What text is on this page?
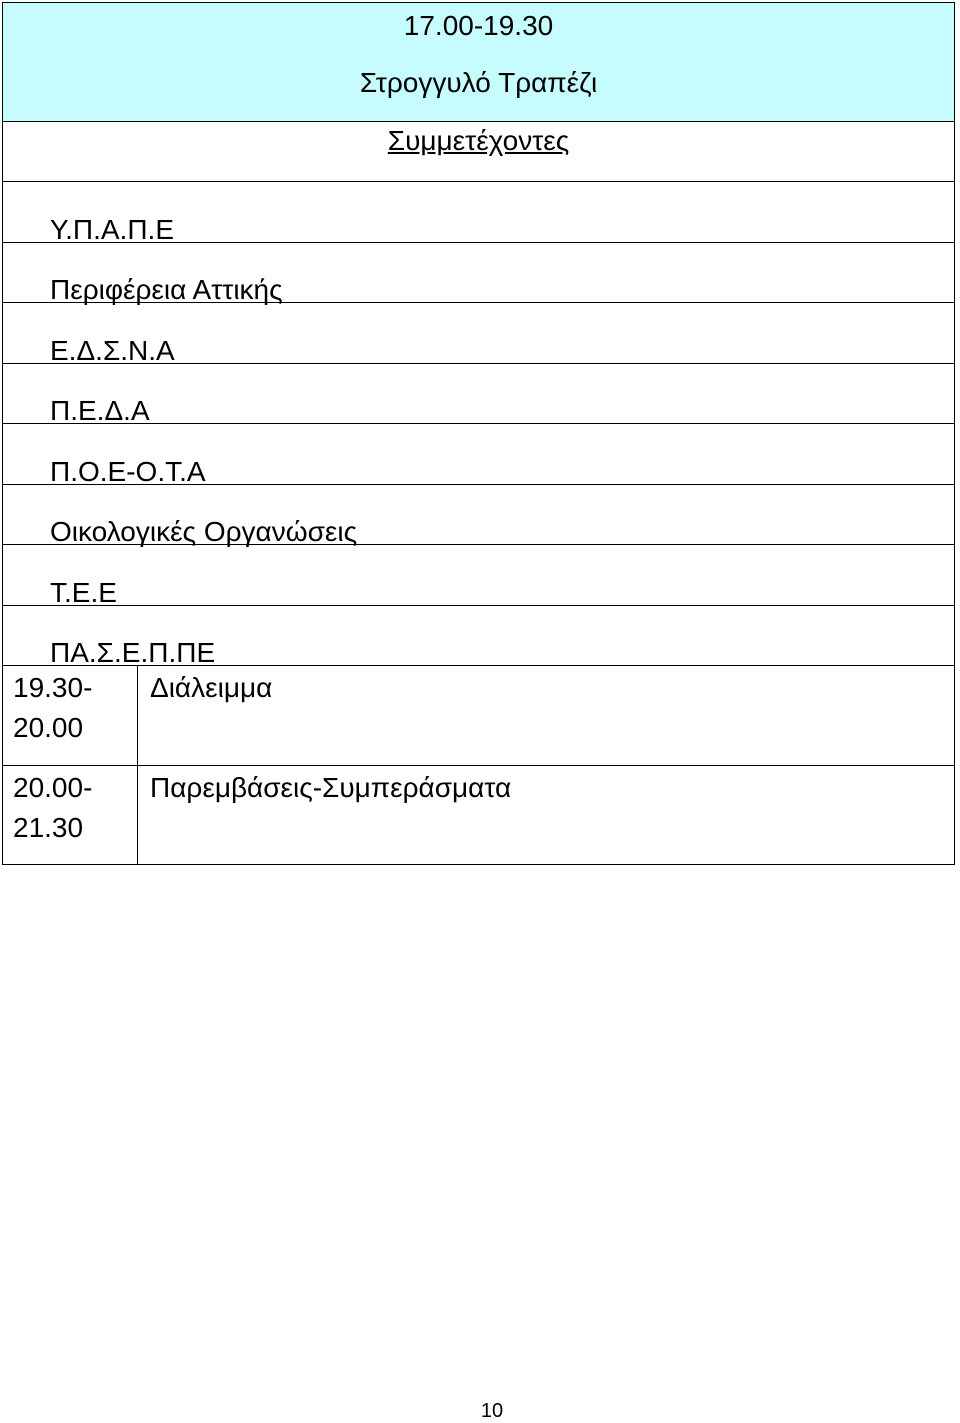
17.00-19.30
Στρογγυλό Τραπέζι
Συμμετέχοντες
Υ.Π.Α.Π.Ε
Περιφέρεια Αττικής
Ε.Δ.Σ.Ν.Α
Π.Ε.Δ.Α
Π.Ο.Ε-Ο.Τ.Α
Οικολογικές Οργανώσεις
Τ.Ε.Ε
ΠΑ.Σ.Ε.Π.ΠΕ
19.30-
20.00
Διάλειμμα
20.00-
21.30
Παρεμβάσεις-Συμπεράσματα
10
